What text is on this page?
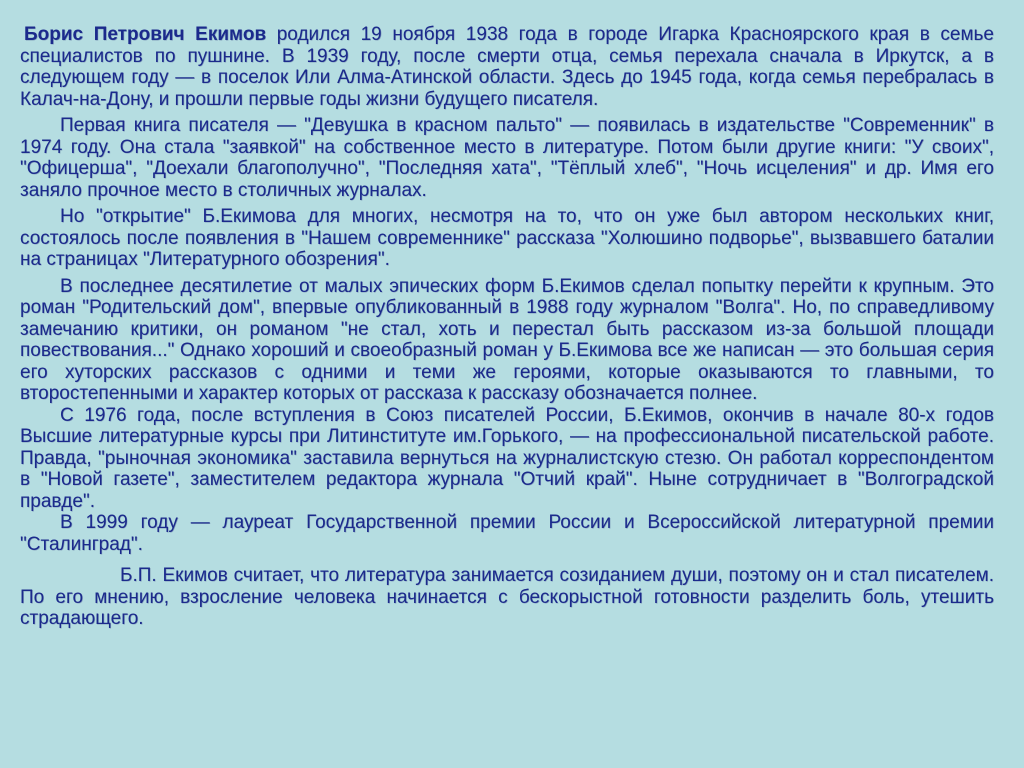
Борис Петрович Екимов родился 19 ноября 1938 года в городе Игарка Красноярского края в семье специалистов по пушнине. В 1939 году, после смерти отца, семья перехала сначала в Иркутск, а в следующем году — в поселок Или Алма-Атинской области. Здесь до 1945 года, когда семья перебралась в Калач-на-Дону, и прошли первые годы жизни будущего писателя.

Первая книга писателя — "Девушка в красном пальто" — появилась в издательстве "Современник" в 1974 году. Она стала "заявкой" на собственное место в литературе. Потом были другие книги: "У своих", "Офицерша", "Доехали благополучно", "Последняя хата", "Тёплый хлеб", "Ночь исцеления" и др. Имя его заняло прочное место в столичных журналах.

Но "открытие" Б.Екимова для многих, несмотря на то, что он уже был автором нескольких книг, состоялось после появления в "Нашем современнике" рассказа "Холюшино подворье", вызвавшего баталии на страницах "Литературного обозрения".

В последнее десятилетие от малых эпических форм Б.Екимов сделал попытку перейти к крупным. Это роман "Родительский дом", впервые опубликованный в 1988 году журналом "Волга". Но, по справедливому замечанию критики, он романом "не стал, хоть и перестал быть рассказом из-за большой площади повествования..." Однако хороший и своеобразный роман у Б.Екимова все же написан — это большая серия его хуторских рассказов с одними и теми же героями, которые оказываются то главными, то второстепенными и характер которых от рассказа к рассказу обозначается полнее.

С 1976 года, после вступления в Союз писателей России, Б.Екимов, окончив в начале 80-х годов Высшие литературные курсы при Литинституте им.Горького, — на профессиональной писательской работе. Правда, "рыночная экономика" заставила вернуться на журналистскую стезю. Он работал корреспондентом в "Новой газете", заместителем редактора журнала "Отчий край". Ныне сотрудничает в "Волгоградской правде".

В 1999 году — лауреат Государственной премии России и Всероссийской литературной премии "Сталинград".

Б.П. Екимов считает, что литература занимается созиданием души, поэтому он и стал писателем. По его мнению, взросление человека начинается с бескорыстной готовности разделить боль, утешить страдающего.
